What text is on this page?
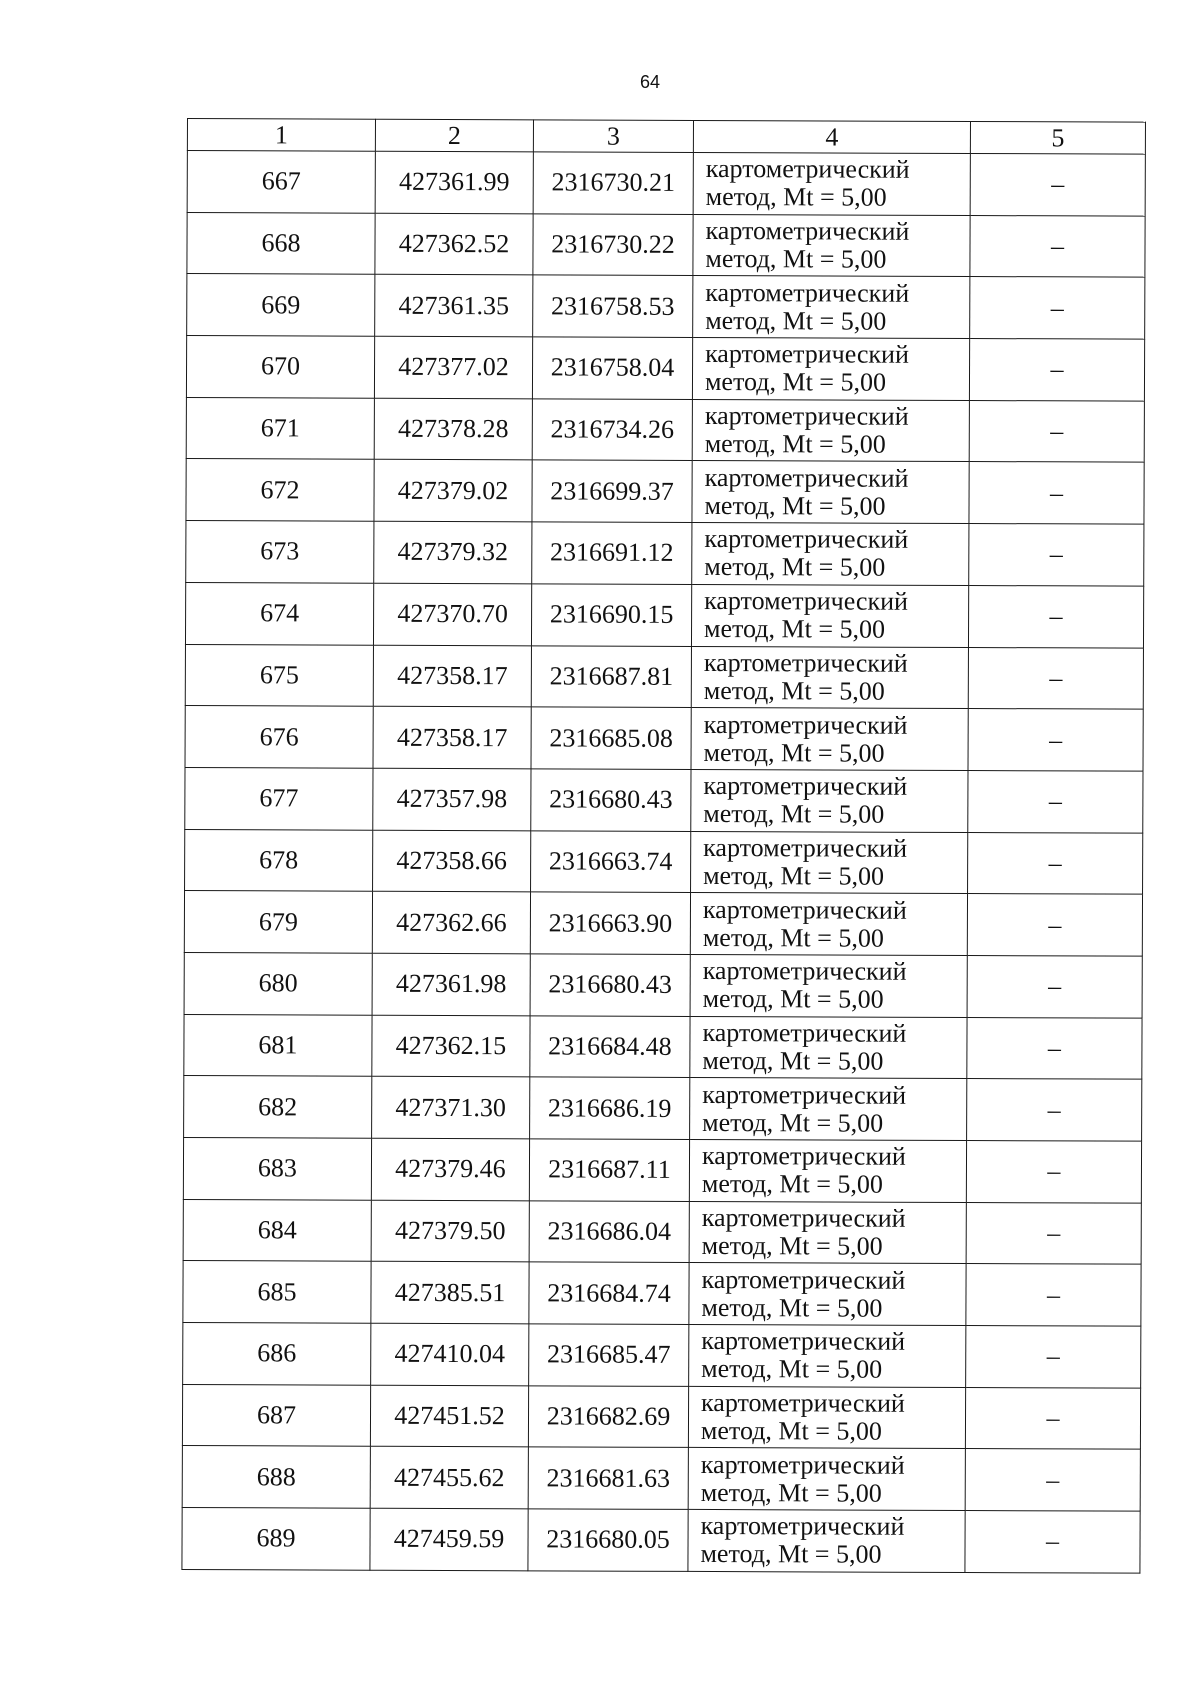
64
1	2	3	4	5
667	427361.99	2316730.21	картометрический
метод, Mt = 5,00	–
668	427362.52	2316730.22	картометрический
метод, Mt = 5,00	–
669	427361.35	2316758.53	картометрический
метод, Mt = 5,00	–
670	427377.02	2316758.04	картометрический
метод, Mt = 5,00	–
671	427378.28	2316734.26	картометрический
метод, Mt = 5,00	–
672	427379.02	2316699.37	картометрический
метод, Mt = 5,00	–
673	427379.32	2316691.12	картометрический
метод, Mt = 5,00	–
674	427370.70	2316690.15	картометрический
метод, Mt = 5,00	–
675	427358.17	2316687.81	картометрический
метод, Mt = 5,00	–
676	427358.17	2316685.08	картометрический
метод, Mt = 5,00	–
677	427357.98	2316680.43	картометрический
метод, Mt = 5,00	–
678	427358.66	2316663.74	картометрический
метод, Mt = 5,00	–
679	427362.66	2316663.90	картометрический
метод, Mt = 5,00	–
680	427361.98	2316680.43	картометрический
метод, Mt = 5,00	–
681	427362.15	2316684.48	картометрический
метод, Mt = 5,00	–
682	427371.30	2316686.19	картометрический
метод, Mt = 5,00	–
683	427379.46	2316687.11	картометрический
метод, Mt = 5,00	–
684	427379.50	2316686.04	картометрический
метод, Mt = 5,00	–
685	427385.51	2316684.74	картометрический
метод, Mt = 5,00	–
686	427410.04	2316685.47	картометрический
метод, Mt = 5,00	–
687	427451.52	2316682.69	картометрический
метод, Mt = 5,00	–
688	427455.62	2316681.63	картометрический
метод, Mt = 5,00	–
689	427459.59	2316680.05	картометрический
метод, Mt = 5,00	–
